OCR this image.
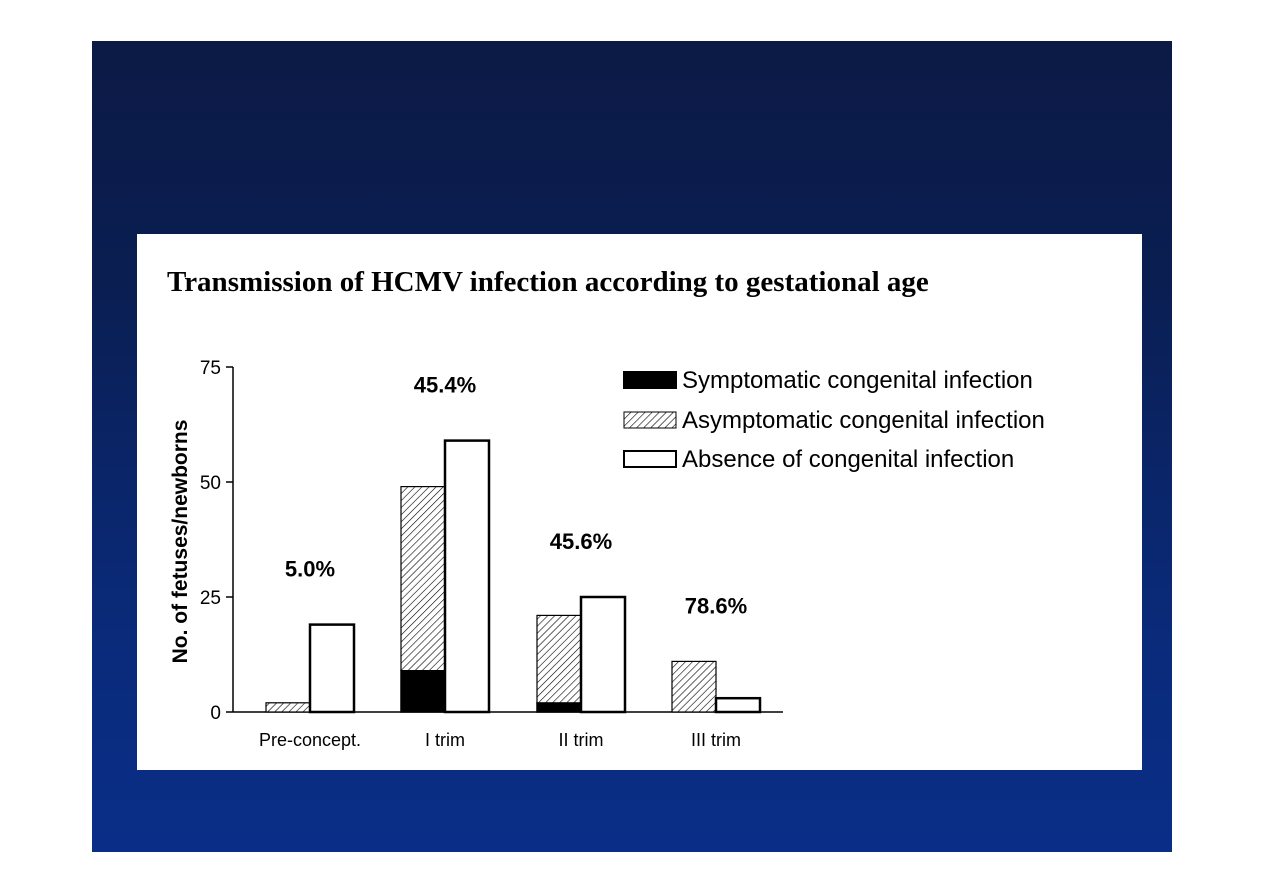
Transmission of HCMV infection according to gestational age
0
25
50
75
No. of fetuses/newborns
Pre-concept.
5.0%
I trim
45.4%
II trim
45.6%
III trim
78.6%
Symptomatic congenital infection
Asymptomatic congenital infection
Absence of congenital infection
